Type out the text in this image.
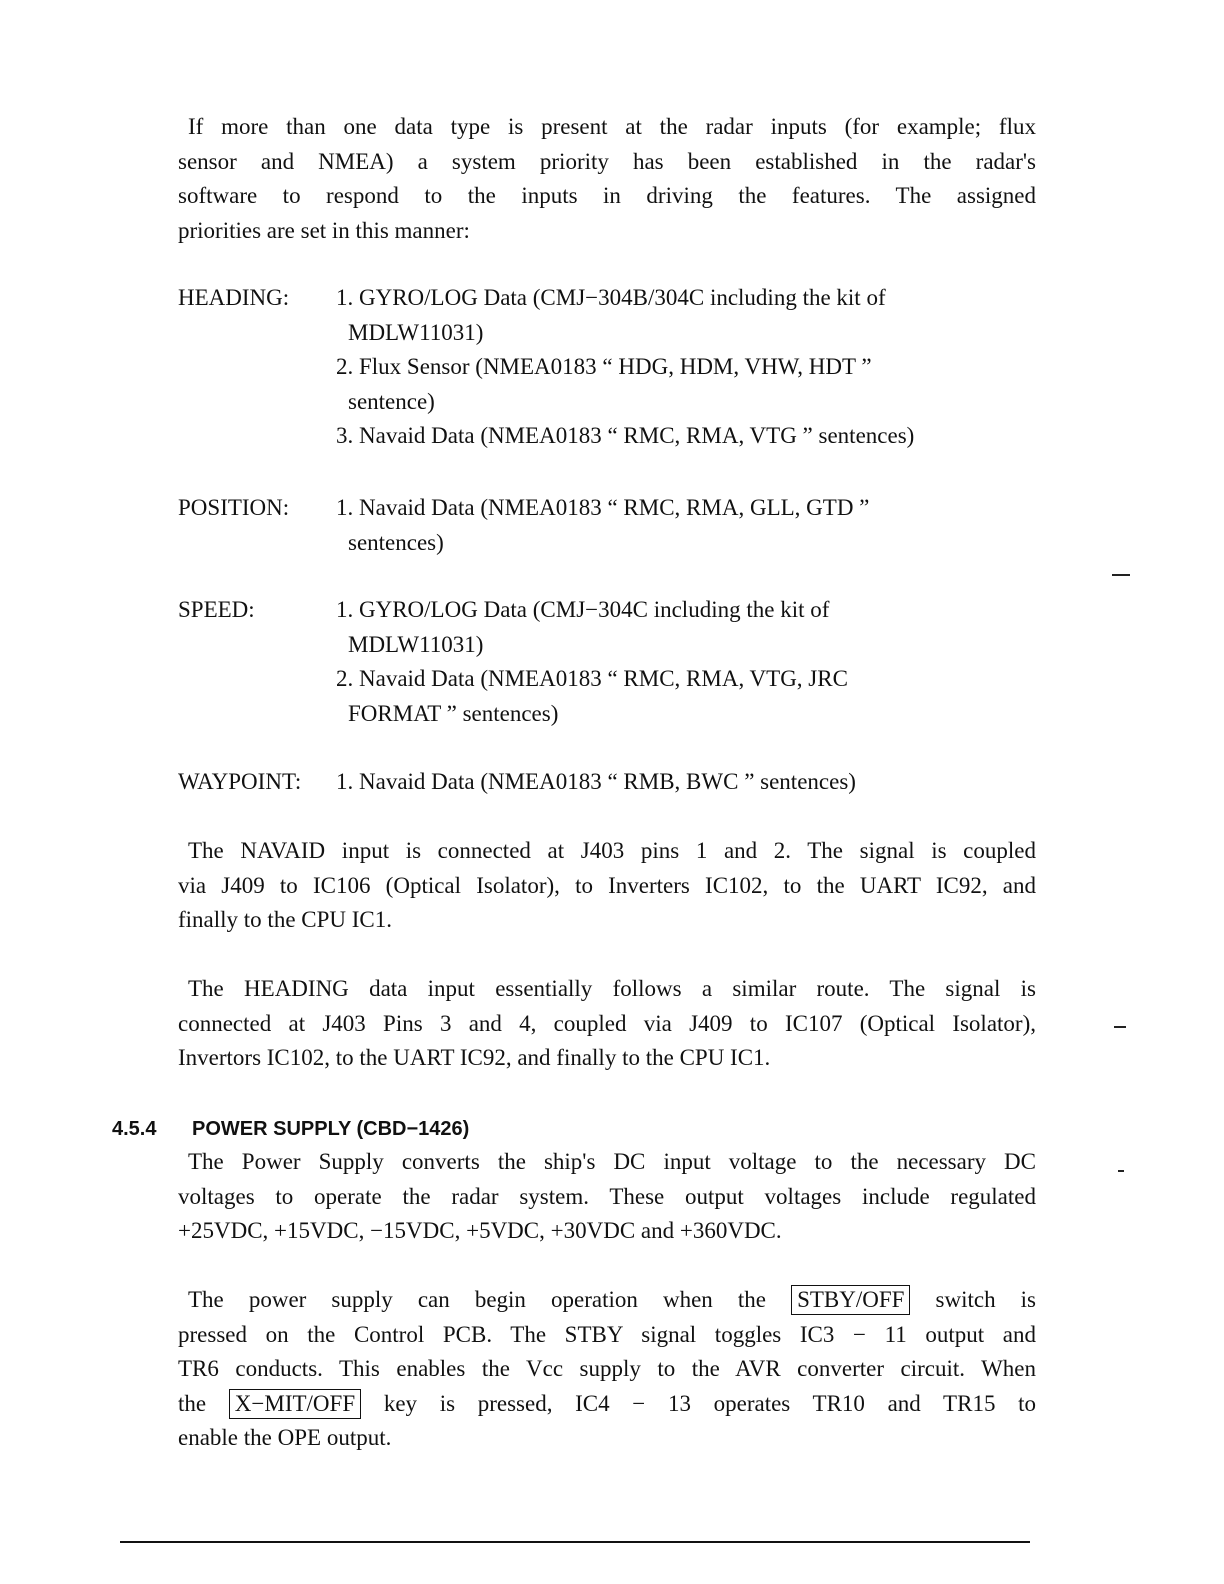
If more than one data type is present at the radar inputs (for example; flux
sensor and NMEA) a system priority has been established in the radar's
software to respond to the inputs in driving the features. The assigned
priorities are set in this manner:
HEADING: 1. GYRO/LOG Data (CMJ−304B/304C including the kit of
MDLW11031)
2. Flux Sensor (NMEA0183 “ HDG, HDM, VHW, HDT ”
sentence)
3. Navaid Data (NMEA0183 “ RMC, RMA, VTG ” sentences)
POSITION: 1. Navaid Data (NMEA0183 “ RMC, RMA, GLL, GTD ”
sentences)
SPEED:	1. GYRO/LOG Data (CMJ−304C including the kit of
MDLW11031)
2. Navaid Data (NMEA0183 “ RMC, RMA, VTG, JRC
FORMAT ” sentences)
WAYPOINT: 1. Navaid Data (NMEA0183 “ RMB, BWC ” sentences)
The NAVAID input is connected at J403 pins 1 and 2. The signal is coupled
via J409 to IC106 (Optical Isolator), to Inverters IC102, to the UART IC92, and
finally to the CPU IC1.
The HEADING data input essentially follows a similar route. The signal is
connected at J403 Pins 3 and 4, coupled via J409 to IC107 (Optical Isolator),
Invertors IC102, to the UART IC92, and finally to the CPU IC1.
4.5.4 POWER SUPPLY (CBD−1426)
The Power Supply converts the ship's DC input voltage to the necessary DC
voltages to operate the radar system. These output voltages include regulated
+25VDC, +15VDC, −15VDC, +5VDC, +30VDC and +360VDC.
The power supply can begin operation when the STBY/OFF switch is
pressed on the Control PCB. The STBY signal toggles IC3 − 11 output and
TR6 conducts. This enables the Vcc supply to the AVR converter circuit. When
the X−MIT/OFF key is pressed, IC4 − 13 operates TR10 and TR15 to
enable the OPE output.
